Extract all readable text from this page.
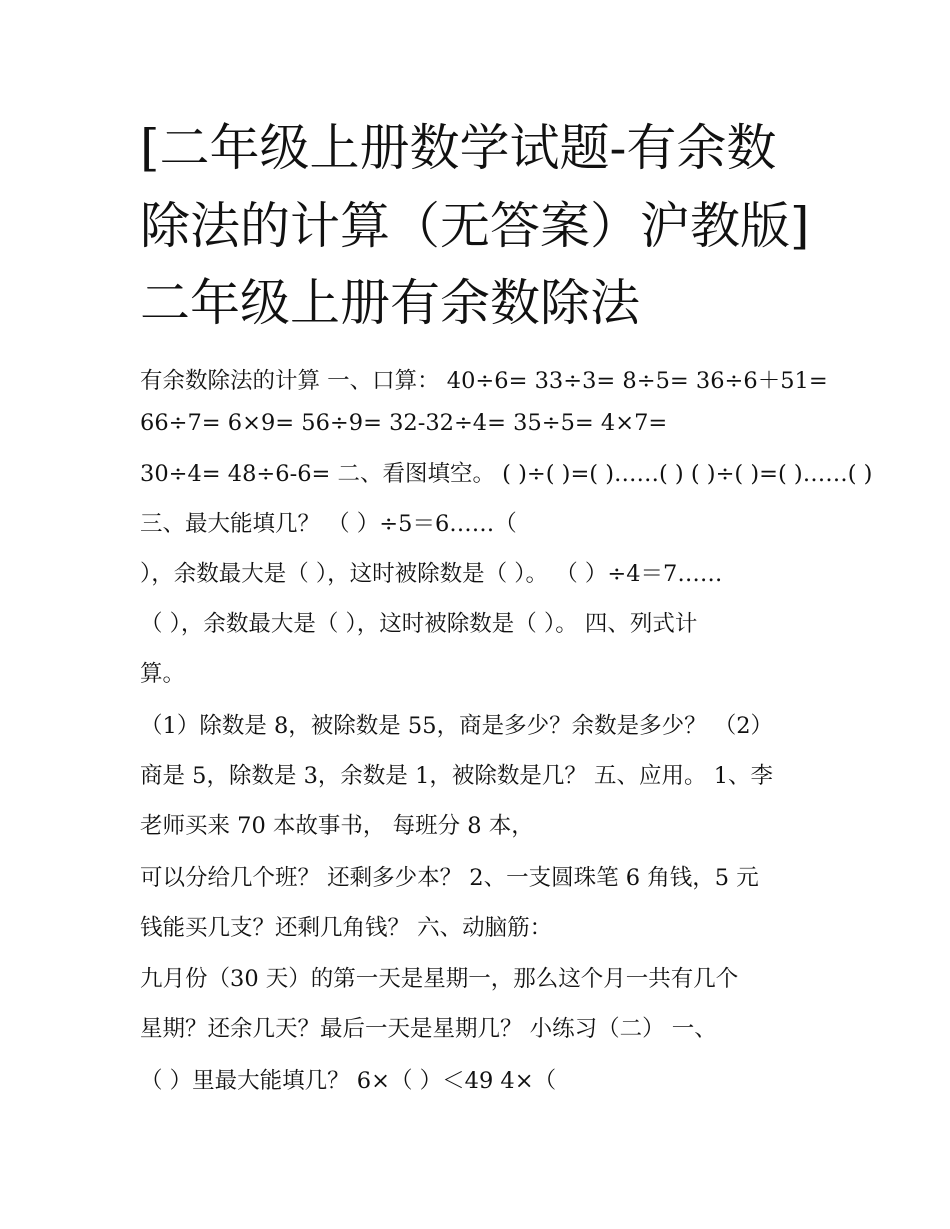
[二年级上册数学试题-有余数
除法的计算（无答案）沪教版]
二年级上册有余数除法
有余数除法的计算 一、口算： 40÷6= 33÷3= 8÷5= 36÷6＋51=
66÷7= 6×9= 56÷9= 32-32÷4= 35÷5= 4×7=
30÷4= 48÷6-6= 二、看图填空。 ( )÷( )=( )……( ) ( )÷( )=( )……( )
三、最大能填几？ （ ）÷5＝6……（
），余数最大是（ ），这时被除数是（ ）。 （ ）÷4＝7……
（ ），余数最大是（ ），这时被除数是（ ）。 四、列式计
算。
（1）除数是 8，被除数是 55，商是多少？余数是多少？ （2）
商是 5，除数是 3，余数是 1，被除数是几？ 五、应用。 1、李
老师买来 70 本故事书， 每班分 8 本，
可以分给几个班？ 还剩多少本？ 2、一支圆珠笔 6 角钱，5 元
钱能买几支？还剩几角钱？ 六、动脑筋：
九月份（30 天）的第一天是星期一，那么这个月一共有几个
星期？还余几天？最后一天是星期几？ 小练习（二） 一、
（ ）里最大能填几？ 6×（ ）＜49 4×（
